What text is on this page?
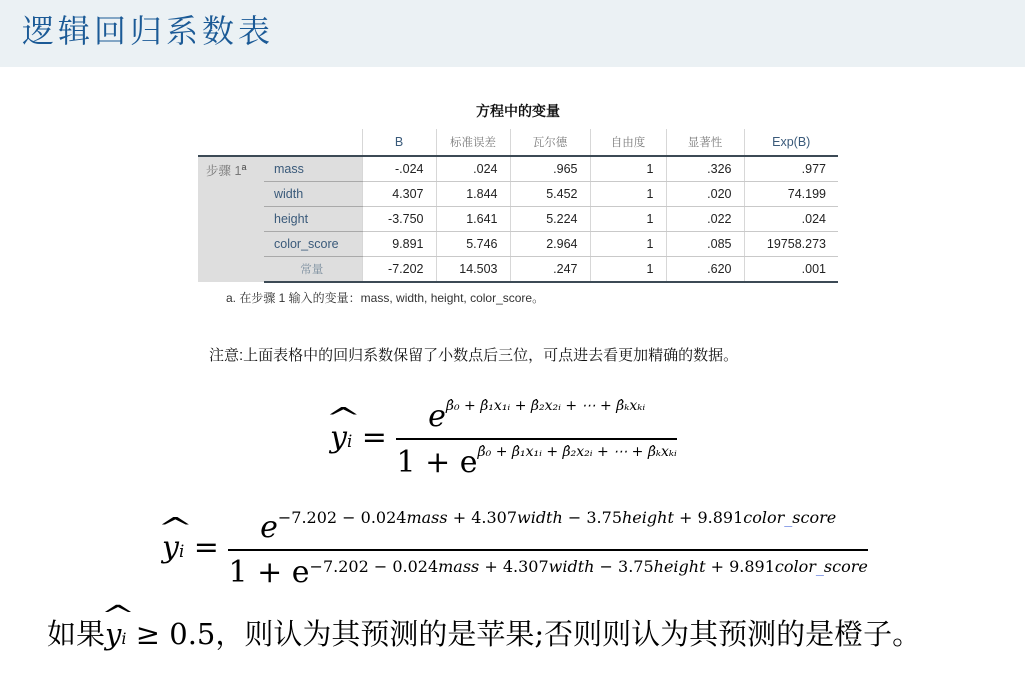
逻辑回归系数表
方程中的变量
		B	标准误差	瓦尔德	自由度	显著性	Exp(B)
步骤 1$^a$	mass	-.024	.024	.965	1	.326	.977
	width	4.307	1.844	5.452	1	.020	74.199
	height	-3.750	1.641	5.224	1	.022	.024
	color_score	9.891	5.746	2.964	1	.085	19758.273
	常量	-7.202	14.503	.247	1	.620	.001
a. 在步骤 1 输入的变量：mass, width, height, color_score。
注意:上面表格中的回归系数保留了小数点后三位，可点进去看更加精确的数据。
^ yi = $\frac{e^{\betâ_0 + \betâ_1x_1ᵢ + \betâ_2x_2ᵢ + \cdots + \betâ_kx_kᵢ}}{1 + e^{\betâ_0 + \betâ_1x_1ᵢ + \betâ_2x_2ᵢ + \cdots + \betâ_kx_kᵢ}}$
^ yi =
$e^{-7.202 - 0.024mass + 4.307width - 3.75height + 9.891color\_score}$
$1 + e^{-7.202 - 0.024mass + 4.307width - 3.75height + 9.891color\_score}$
如果^ yi ≥ 0.5，则认为其预测的是苹果;否则则认为其预测的是橙子。
